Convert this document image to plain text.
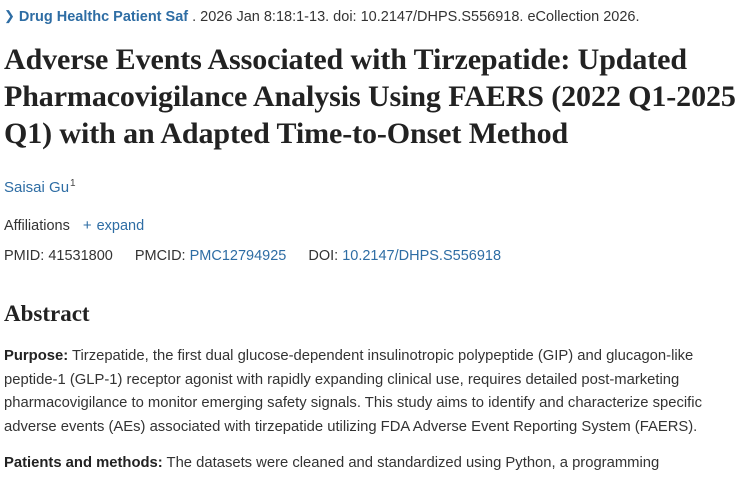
❯ Drug Healthc Patient Saf . 2026 Jan 8:18:1-13. doi: 10.2147/DHPS.S556918. eCollection 2026.
Adverse Events Associated with Tirzepatide: Updated Pharmacovigilance Analysis Using FAERS (2022 Q1-2025 Q1) with an Adapted Time-to-Onset Method
Saisai Gu$^1$
Affiliations + expand
PMID: 41531800 PMCID: PMC12794925 DOI: 10.2147/DHPS.S556918
Abstract

Purpose: Tirzepatide, the first dual glucose-dependent insulinotropic polypeptide (GIP) and glucagon-like peptide-1 (GLP-1) receptor agonist with rapidly expanding clinical use, requires detailed post-marketing pharmacovigilance to monitor emerging safety signals. This study aims to identify and characterize specific adverse events (AEs) associated with tirzepatide utilizing FDA Adverse Event Reporting System (FAERS).

Patients and methods: The datasets were cleaned and standardized using Python, a programming
